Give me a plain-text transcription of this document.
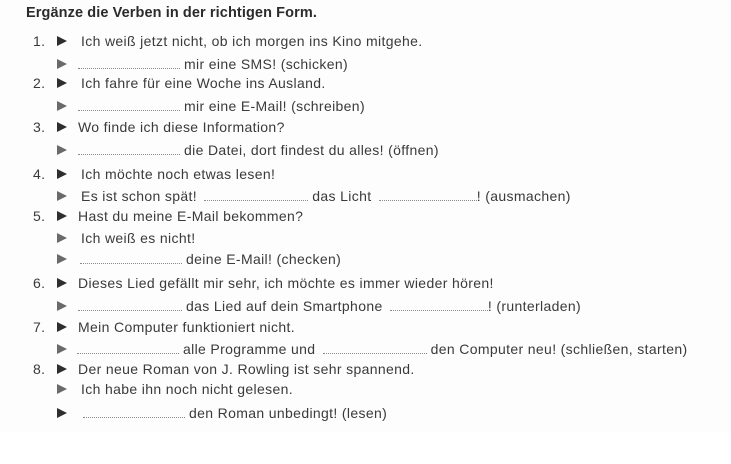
Ergänze die Verben in der richtigen Form.
1.	Ich weiß jetzt nicht, ob ich morgen ins Kino mitgehe.
mir eine SMS! (schicken)
2.	Ich fahre für eine Woche ins Ausland.
mir eine E-Mail! (schreiben)
3.	Wo finde ich diese Information?
die Datei, dort findest du alles! (öffnen)
4.	Ich möchte noch etwas lesen!
Es ist schon spät!	das Licht	! (ausmachen)
5.	Hast du meine E-Mail bekommen?
Ich weiß es nicht!
deine E-Mail! (checken)
6.	Dieses Lied gefällt mir sehr, ich möchte es immer wieder hören!
das Lied auf dein Smartphone	! (runterladen)
7.	Mein Computer funktioniert nicht.
alle Programme und	den Computer neu! (schließen, starten)
8.	Der neue Roman von J. Rowling ist sehr spannend.
Ich habe ihn noch nicht gelesen.
den Roman unbedingt! (lesen)
